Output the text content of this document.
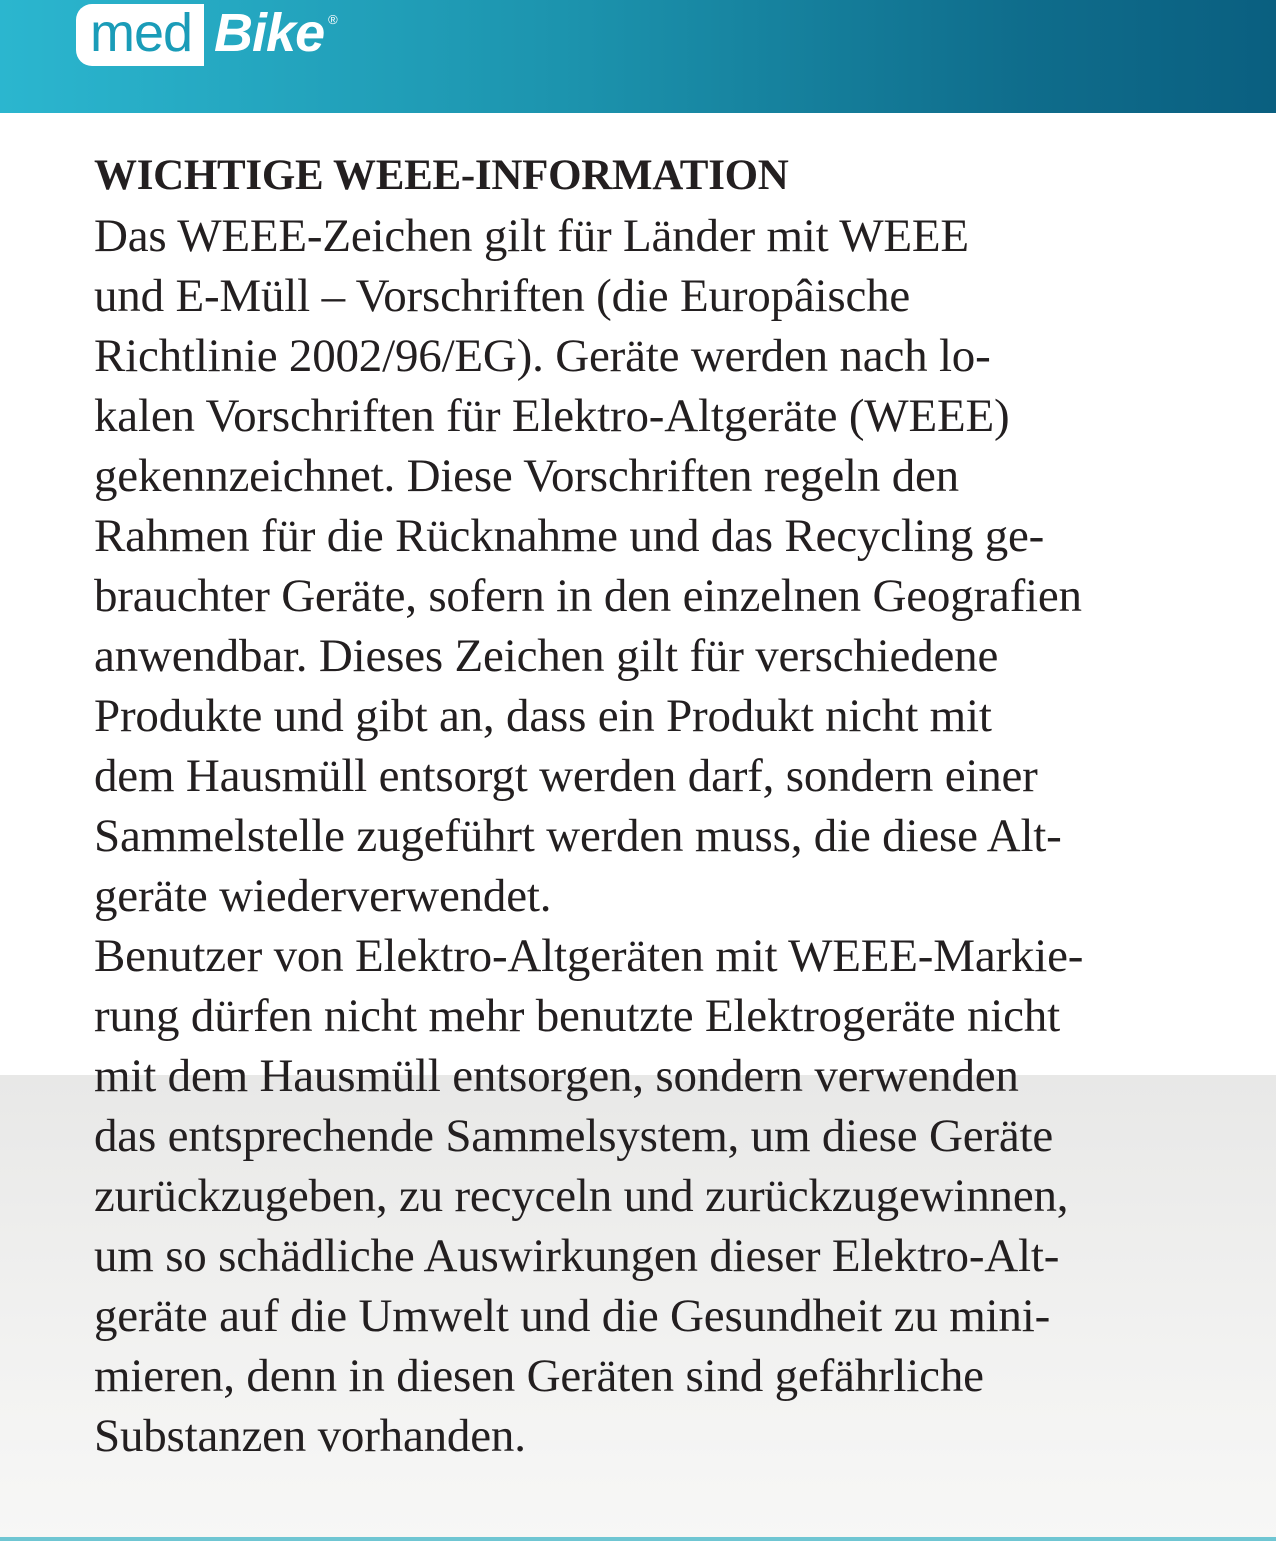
med Bike ®
WICHTIGE WEEE-INFORMATION
Das WEEE-Zeichen gilt für Länder mit WEEE
und E-Müll – Vorschriften (die Europâische
Richtlinie 2002/96/EG). Geräte werden nach lo-
kalen Vorschriften für Elektro-Altgeräte (WEEE)
gekennzeichnet. Diese Vorschriften regeln den
Rahmen für die Rücknahme und das Recycling ge-
brauchter Geräte, sofern in den einzelnen Geografien
anwendbar. Dieses Zeichen gilt für verschiedene
Produkte und gibt an, dass ein Produkt nicht mit
dem Hausmüll entsorgt werden darf, sondern einer
Sammelstelle zugeführt werden muss, die diese Alt-
geräte wiederverwendet.
Benutzer von Elektro-Altgeräten mit WEEE-Markie-
rung dürfen nicht mehr benutzte Elektrogeräte nicht
mit dem Hausmüll entsorgen, sondern verwenden
das entsprechende Sammelsystem, um diese Geräte
zurückzugeben, zu recyceln und zurückzugewinnen,
um so schädliche Auswirkungen dieser Elektro-Alt-
geräte auf die Umwelt und die Gesundheit zu mini-
mieren, denn in diesen Geräten sind gefährliche
Substanzen vorhanden.
